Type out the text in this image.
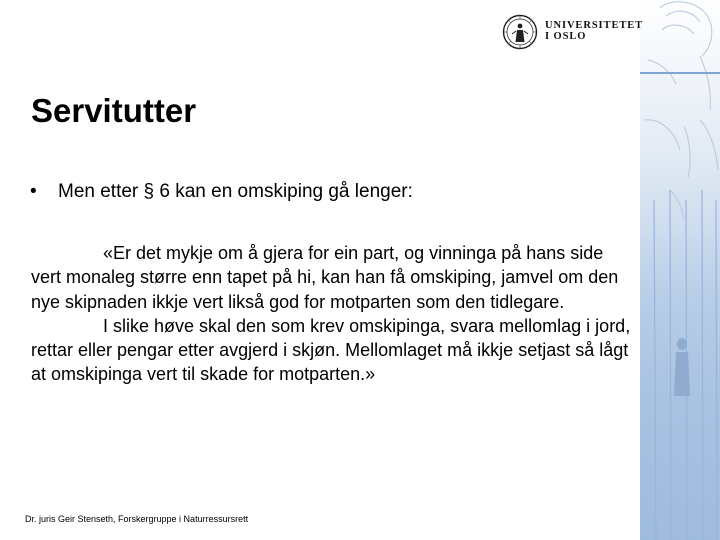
UNIVERSITETET
I OSLO
Servitutter
• Men etter § 6 kan en omskiping gå lenger:

«Er det mykje om å gjera for ein part, og vinninga på hans side vert monaleg større enn tapet på hi, kan han få omskiping, jamvel om den nye skipnaden ikkje vert likså god for motparten som den tidlegare.

I slike høve skal den som krev omskipinga, svara mellomlag i jord, rettar eller pengar etter avgjerd i skjøn. Mellomlaget må ikkje setjast så lågt at omskipinga vert til skade for motparten.»

Dr. juris Geir Stenseth, Forskergruppe i Naturressursrett
